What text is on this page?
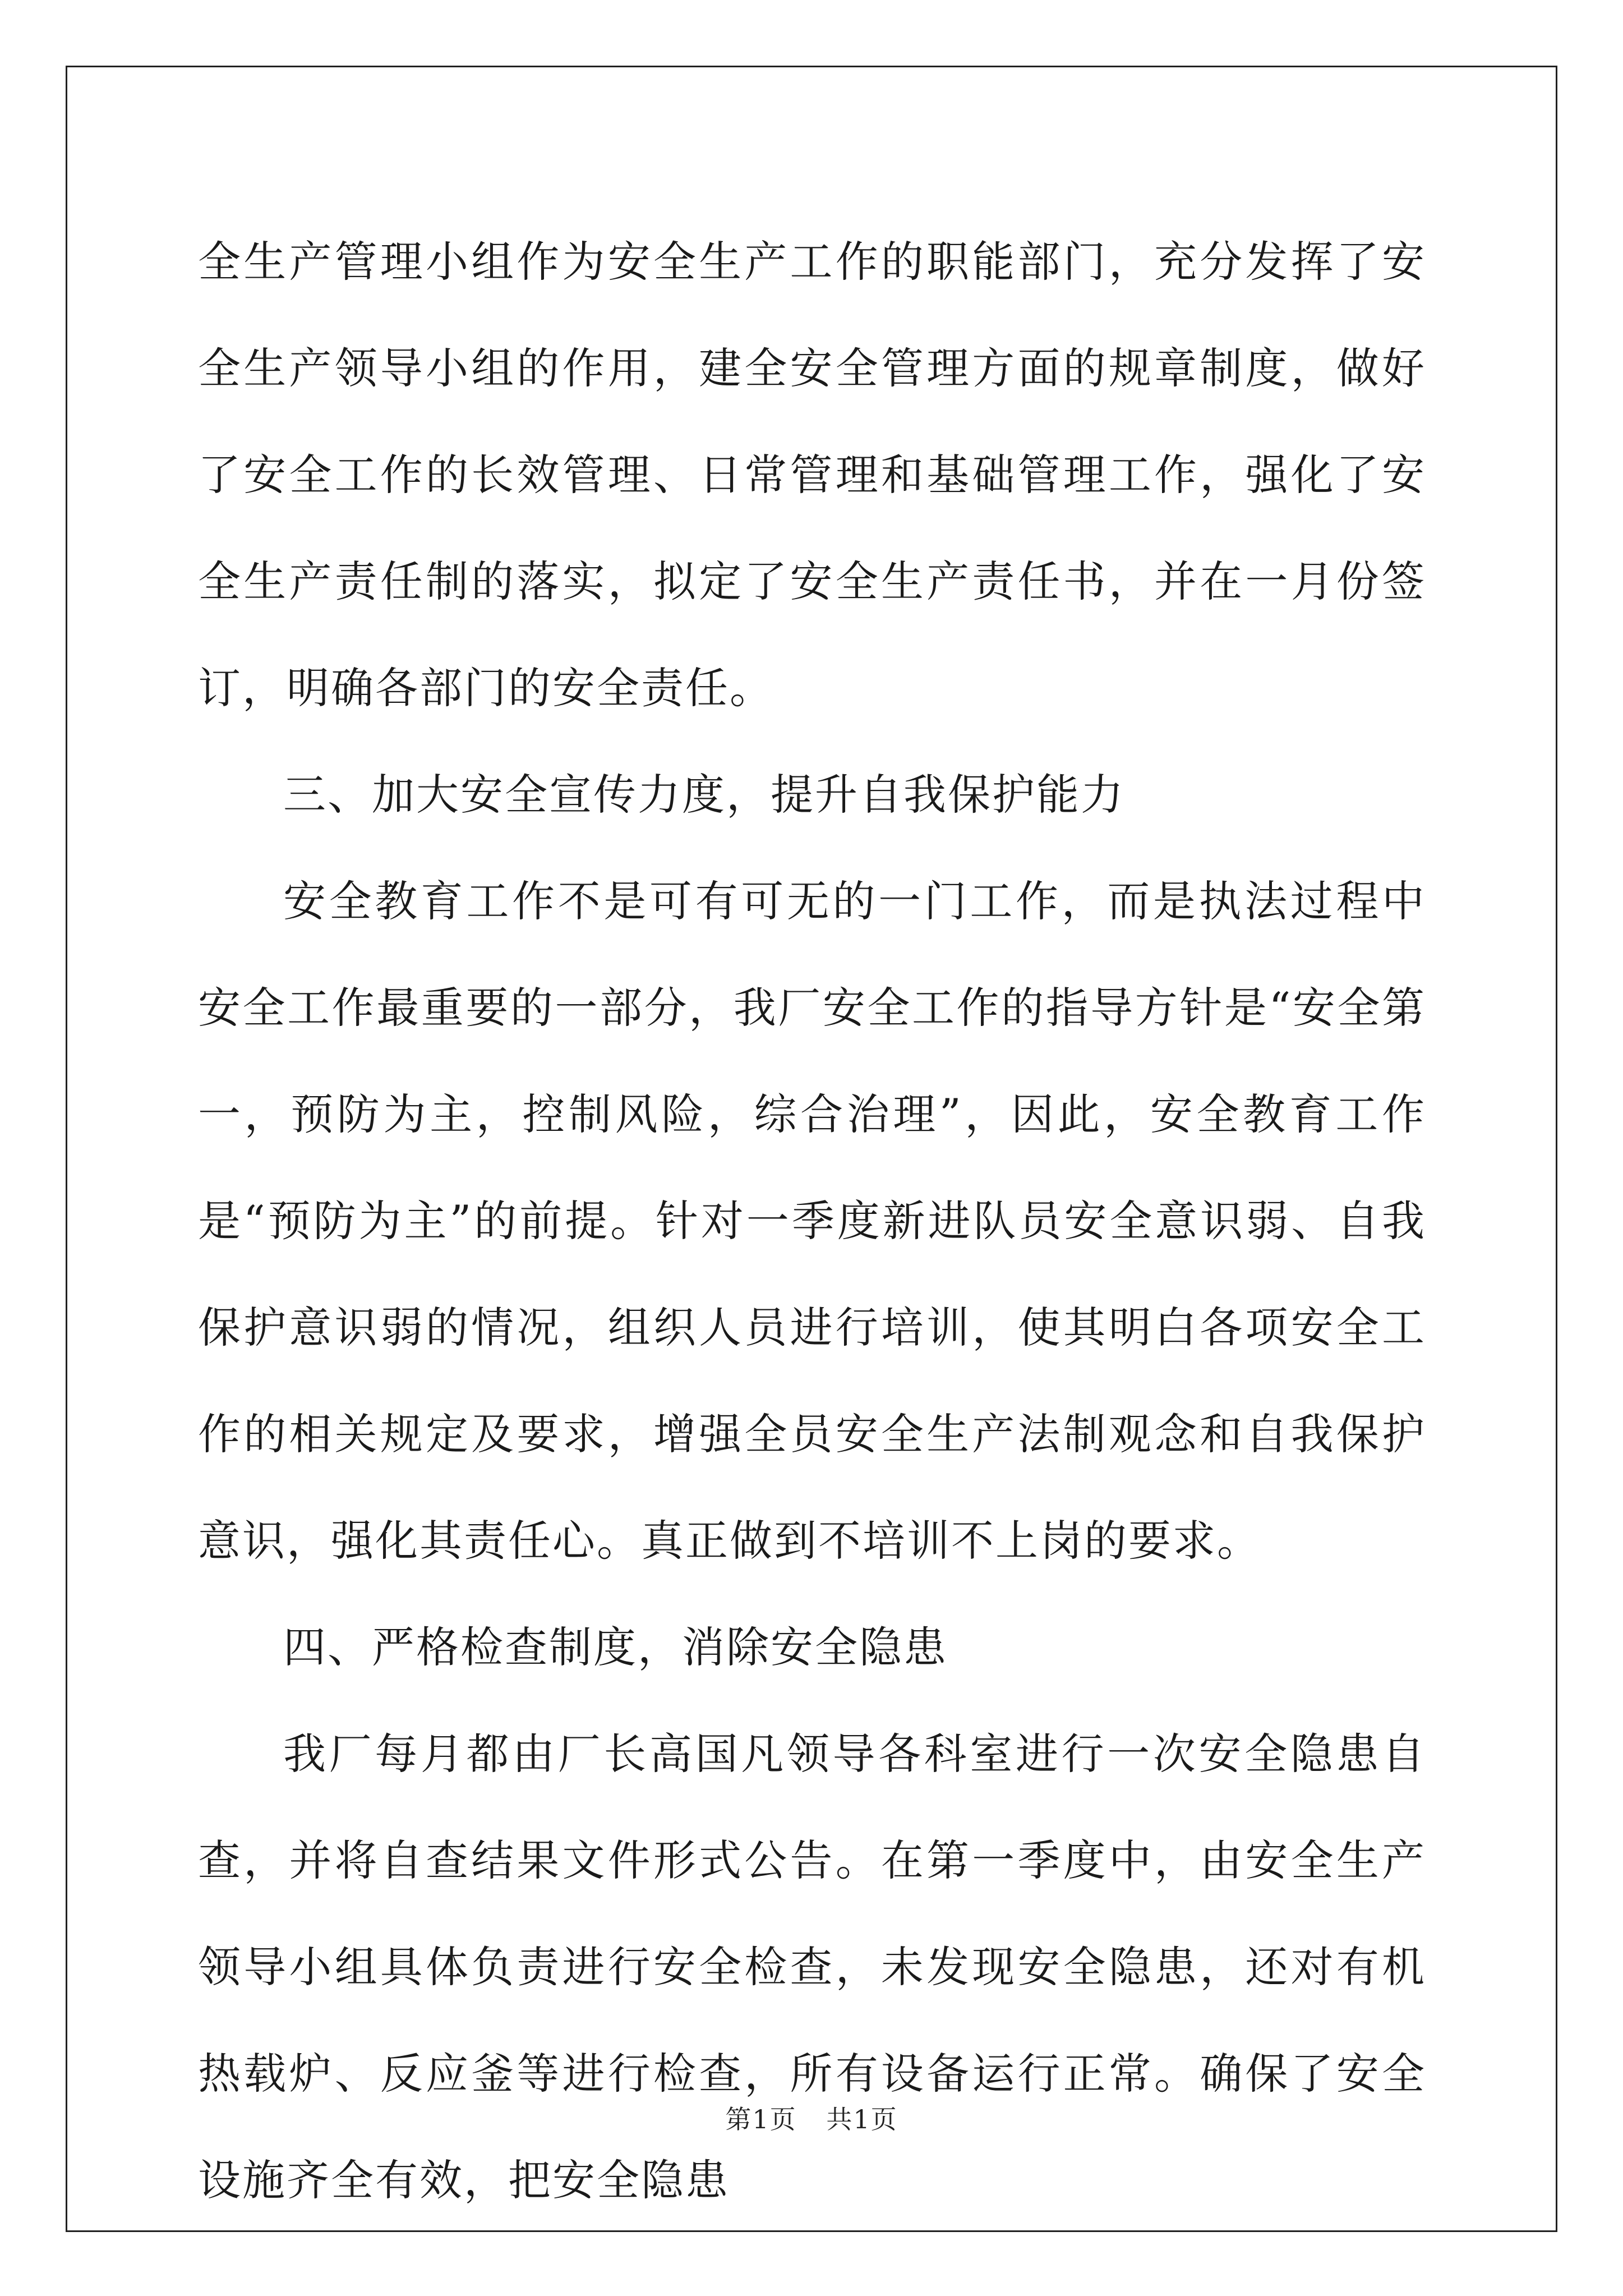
全生产管理小组作为安全生产工作的职能部门，充分发挥了安全生产领导小组的作用，建全安全管理方面的规章制度，做好了安全工作的长效管理、日常管理和基础管理工作，强化了安全生产责任制的落实，拟定了安全生产责任书，并在一月份签订，明确各部门的安全责任。

三、加大安全宣传力度，提升自我保护能力

安全教育工作不是可有可无的一门工作，而是执法过程中安全工作最重要的一部分，我厂安全工作的指导方针是“安全第一，预防为主，控制风险，综合治理”，因此，安全教育工作是“预防为主”的前提。针对一季度新进队员安全意识弱、自我保护意识弱的情况，组织人员进行培训，使其明白各项安全工作的相关规定及要求，增强全员安全生产法制观念和自我保护意识，强化其责任心。真正做到不培训不上岗的要求。

四、严格检查制度，消除安全隐患

我厂每月都由厂长高国凡领导各科室进行一次安全隐患自查，并将自查结果文件形式公告。在第一季度中，由安全生产领导小组具体负责进行安全检查，未发现安全隐患，还对有机热载炉、反应釜等进行检查，所有设备运行正常。确保了安全设施齐全有效，把安全隐患

第1页 共1页
